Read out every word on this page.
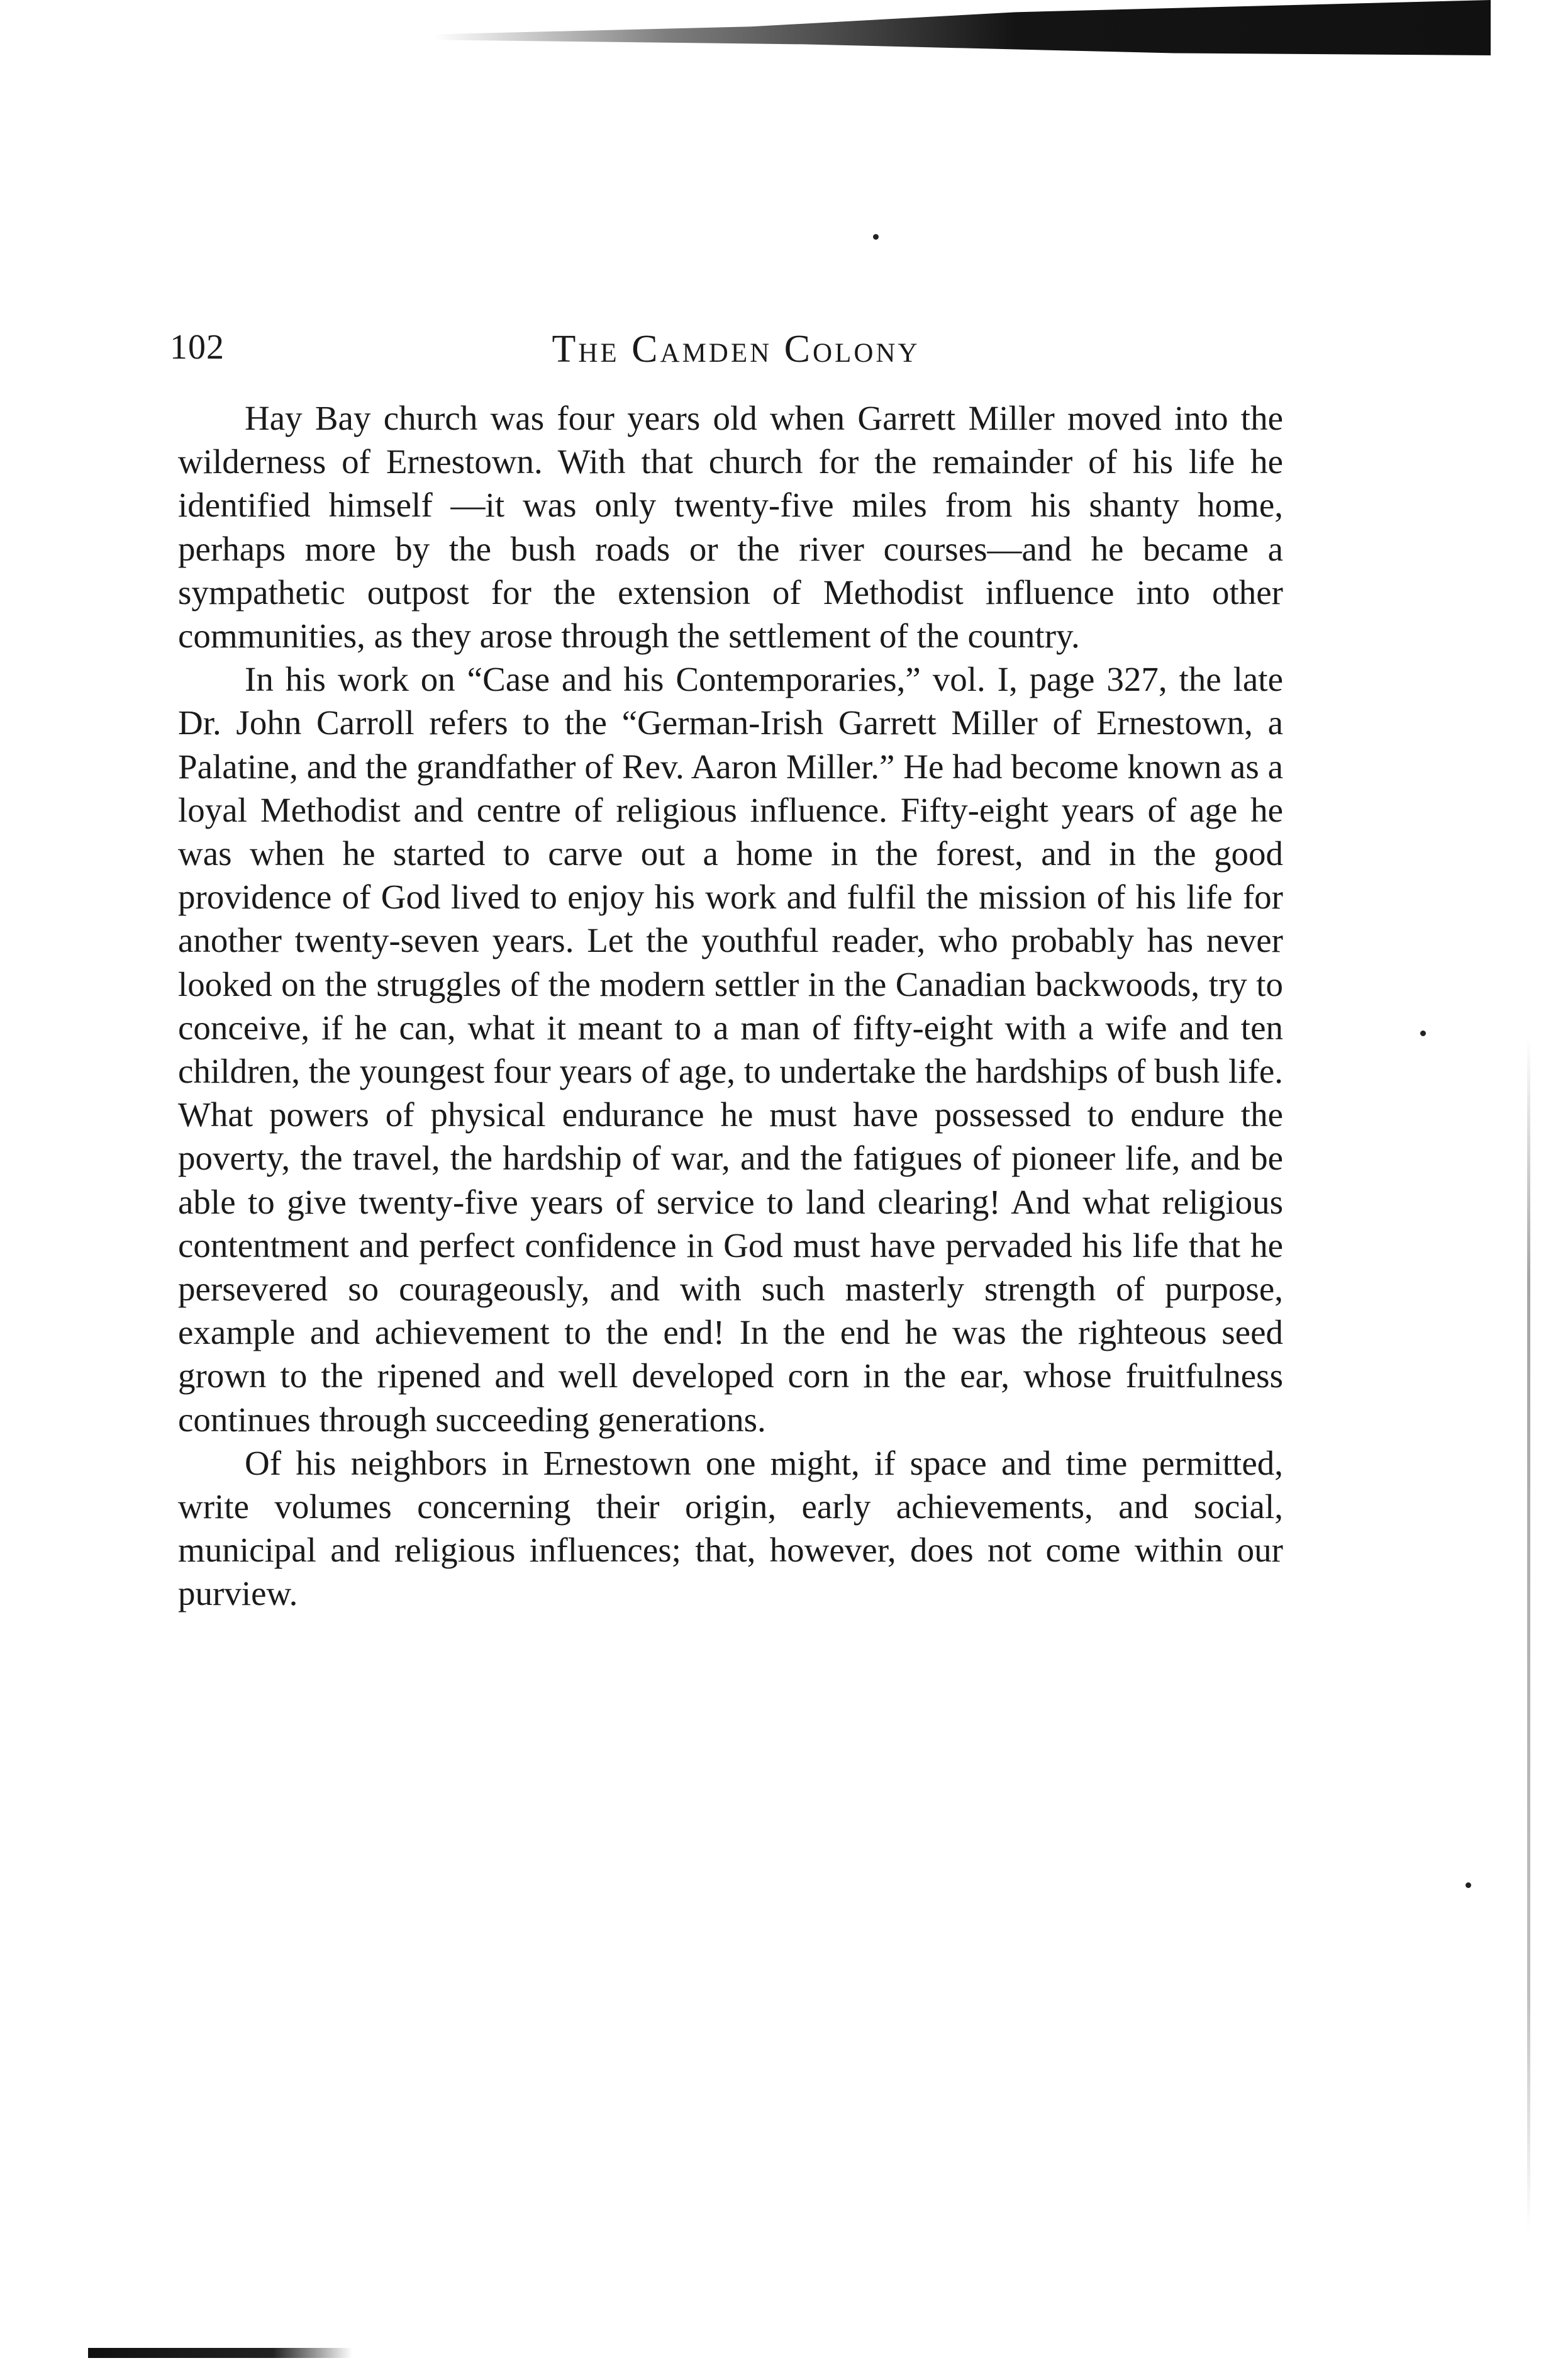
102	The Camden Colony

Hay Bay church was four years old when Garrett Miller moved into the wilderness of Ernestown. With that church for the remainder of his life he identified himself —it was only twenty-five miles from his shanty home, perhaps more by the bush roads or the river courses—and he became a sympathetic outpost for the extension of Methodist influence into other communities, as they arose through the settlement of the country.

In his work on “Case and his Contemporaries,” vol. I, page 327, the late Dr. John Carroll refers to the “German-Irish Garrett Miller of Ernestown, a Palatine, and the grandfather of Rev. Aaron Miller.” He had become known as a loyal Methodist and centre of religious influence. Fifty-eight years of age he was when he started to carve out a home in the forest, and in the good providence of God lived to enjoy his work and fulfil the mission of his life for another twenty-seven years. Let the youthful reader, who probably has never looked on the struggles of the modern settler in the Canadian backwoods, try to conceive, if he can, what it meant to a man of fifty-eight with a wife and ten children, the youngest four years of age, to undertake the hardships of bush life. What powers of physical endurance he must have possessed to endure the poverty, the travel, the hardship of war, and the fatigues of pioneer life, and be able to give twenty-five years of service to land clearing! And what religious contentment and perfect confidence in God must have pervaded his life that he persevered so courageously, and with such masterly strength of purpose, example and achievement to the end! In the end he was the righteous seed grown to the ripened and well developed corn in the ear, whose fruitfulness continues through succeeding generations.

Of his neighbors in Ernestown one might, if space and time permitted, write volumes concerning their origin, early achievements, and social, municipal and religious influences; that, however, does not come within our purview.
